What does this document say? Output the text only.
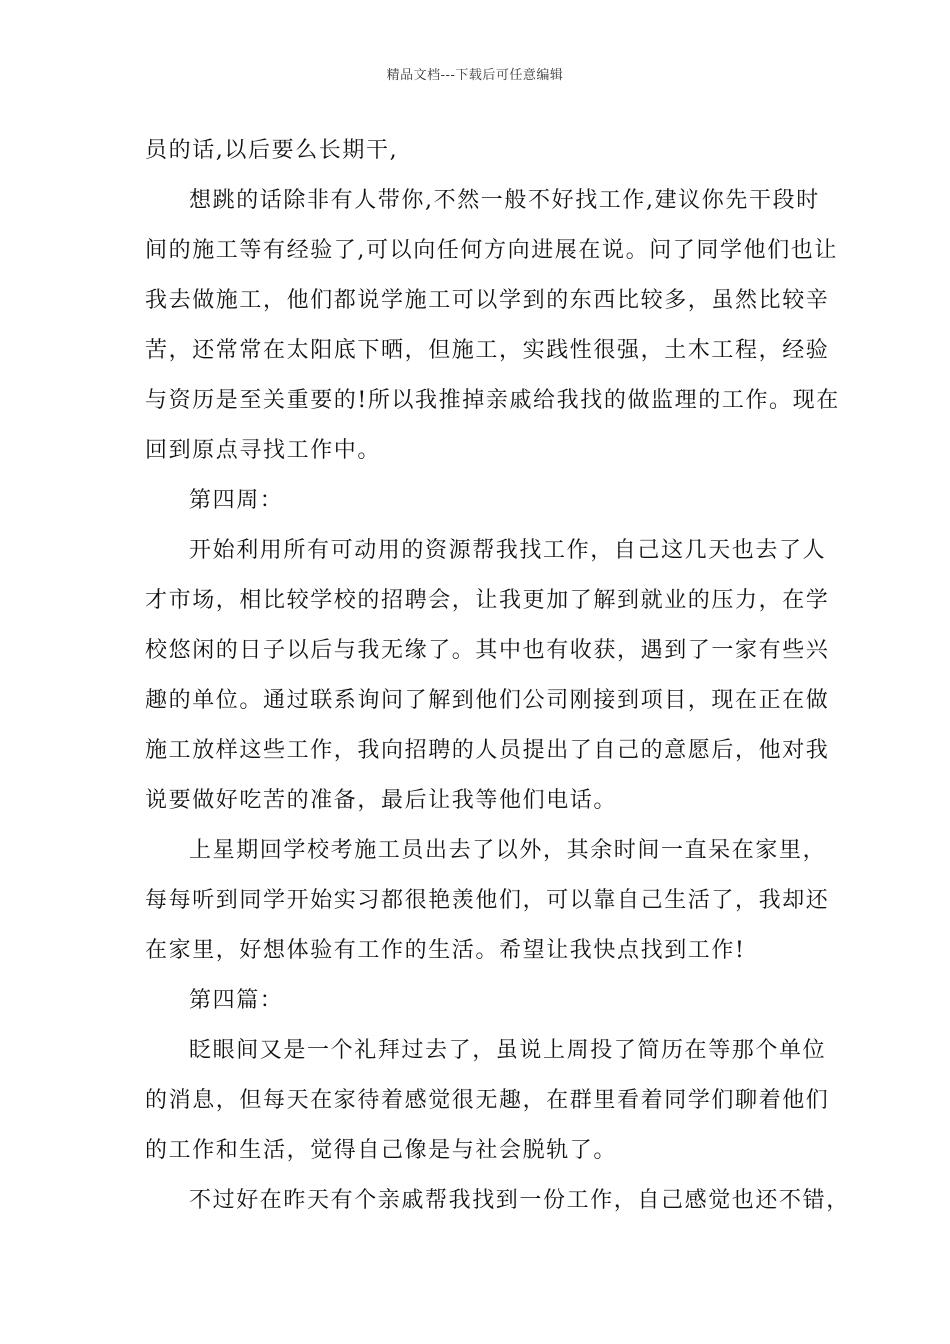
精品文档---下载后可任意编辑
员的话,以后要么长期干,
想跳的话除非有人带你,不然一般不好找工作,建议你先干段时
间的施工等有经验了,可以向任何方向进展在说。问了同学他们也让
我去做施工，他们都说学施工可以学到的东西比较多，虽然比较辛
苦，还常常在太阳底下晒，但施工，实践性很强，土木工程，经验
与资历是至关重要的!所以我推掉亲戚给我找的做监理的工作。现在
回到原点寻找工作中。
第四周：
开始利用所有可动用的资源帮我找工作，自己这几天也去了人
才市场，相比较学校的招聘会，让我更加了解到就业的压力，在学
校悠闲的日子以后与我无缘了。其中也有收获，遇到了一家有些兴
趣的单位。通过联系询问了解到他们公司刚接到项目，现在正在做
施工放样这些工作，我向招聘的人员提出了自己的意愿后，他对我
说要做好吃苦的准备，最后让我等他们电话。
上星期回学校考施工员出去了以外，其余时间一直呆在家里，
每每听到同学开始实习都很艳羡他们，可以靠自己生活了，我却还
在家里，好想体验有工作的生活。希望让我快点找到工作!
第四篇：
眨眼间又是一个礼拜过去了，虽说上周投了简历在等那个单位
的消息，但每天在家待着感觉很无趣，在群里看着同学们聊着他们
的工作和生活，觉得自己像是与社会脱轨了。
不过好在昨天有个亲戚帮我找到一份工作，自己感觉也还不错，
